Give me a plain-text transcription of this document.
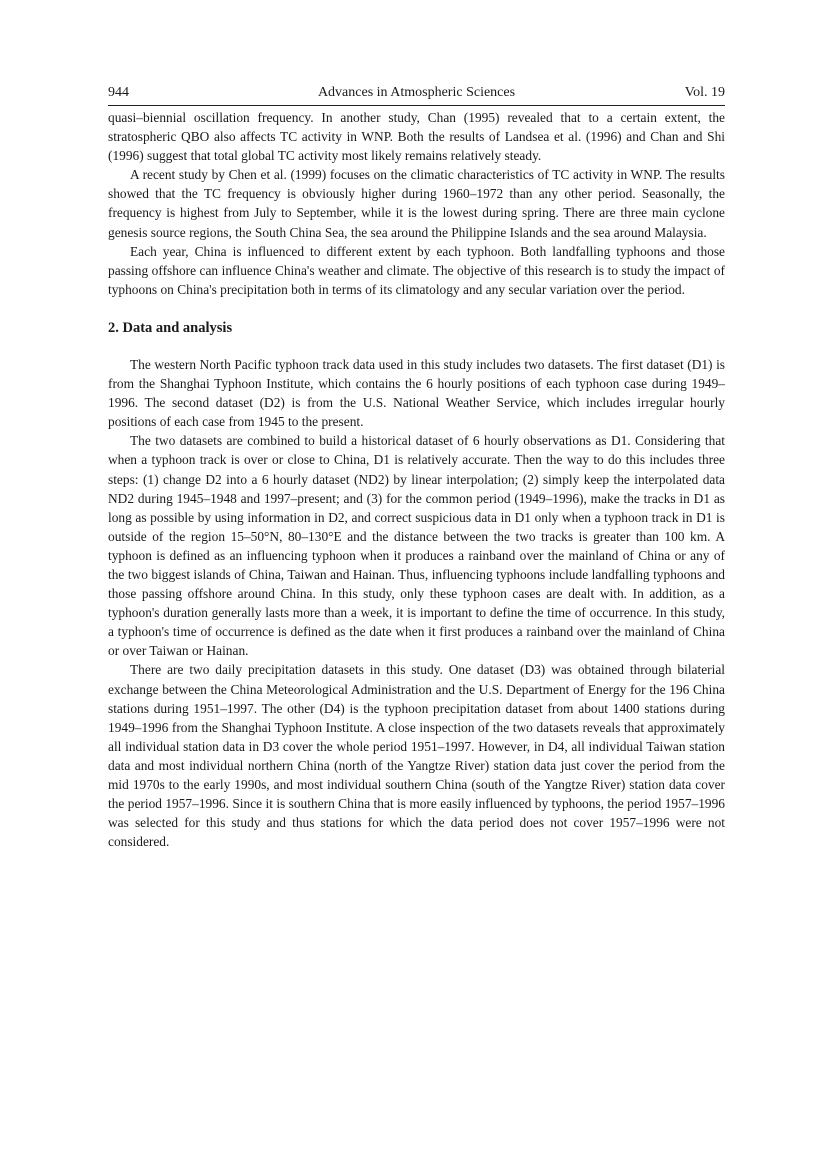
944	Advances in Atmospheric Sciences	Vol. 19

quasi–biennial oscillation frequency. In another study, Chan (1995) revealed that to a certain extent, the stratospheric QBO also affects TC activity in WNP. Both the results of Landsea et al. (1996) and Chan and Shi (1996) suggest that total global TC activity most likely remains relatively steady.

A recent study by Chen et al. (1999) focuses on the climatic characteristics of TC activity in WNP. The results showed that the TC frequency is obviously higher during 1960–1972 than any other period. Seasonally, the frequency is highest from July to September, while it is the lowest during spring. There are three main cyclone genesis source regions, the South China Sea, the sea around the Philippine Islands and the sea around Malaysia.

Each year, China is influenced to different extent by each typhoon. Both landfalling typhoons and those passing offshore can influence China's weather and climate. The objective of this research is to study the impact of typhoons on China's precipitation both in terms of its climatology and any secular variation over the period.

2. Data and analysis

The western North Pacific typhoon track data used in this study includes two datasets. The first dataset (D1) is from the Shanghai Typhoon Institute, which contains the 6 hourly positions of each typhoon case during 1949–1996. The second dataset (D2) is from the U.S. National Weather Service, which includes irregular hourly positions of each case from 1945 to the present.

The two datasets are combined to build a historical dataset of 6 hourly observations as D1. Considering that when a typhoon track is over or close to China, D1 is relatively accurate. Then the way to do this includes three steps: (1) change D2 into a 6 hourly dataset (ND2) by linear interpolation; (2) simply keep the interpolated data ND2 during 1945–1948 and 1997–present; and (3) for the common period (1949–1996), make the tracks in D1 as long as possible by using information in D2, and correct suspicious data in D1 only when a typhoon track in D1 is outside of the region 15–50°N, 80–130°E and the distance between the two tracks is greater than 100 km. A typhoon is defined as an influencing typhoon when it produces a rainband over the mainland of China or any of the two biggest islands of China, Taiwan and Hainan. Thus, influencing typhoons include landfalling typhoons and those passing offshore around China. In this study, only these typhoon cases are dealt with. In addition, as a typhoon's duration generally lasts more than a week, it is important to define the time of occurrence. In this study, a typhoon's time of occurrence is defined as the date when it first produces a rainband over the mainland of China or over Taiwan or Hainan.

There are two daily precipitation datasets in this study. One dataset (D3) was obtained through bilaterial exchange between the China Meteorological Administration and the U.S. Department of Energy for the 196 China stations during 1951–1997. The other (D4) is the typhoon precipitation dataset from about 1400 stations during 1949–1996 from the Shanghai Typhoon Institute. A close inspection of the two datasets reveals that approximately all individual station data in D3 cover the whole period 1951–1997. However, in D4, all individual Taiwan station data and most individual northern China (north of the Yangtze River) station data just cover the period from the mid 1970s to the early 1990s, and most individual southern China (south of the Yangtze River) station data cover the period 1957–1996. Since it is southern China that is more easily influenced by typhoons, the period 1957–1996 was selected for this study and thus stations for which the data period does not cover 1957–1996 were not considered.
